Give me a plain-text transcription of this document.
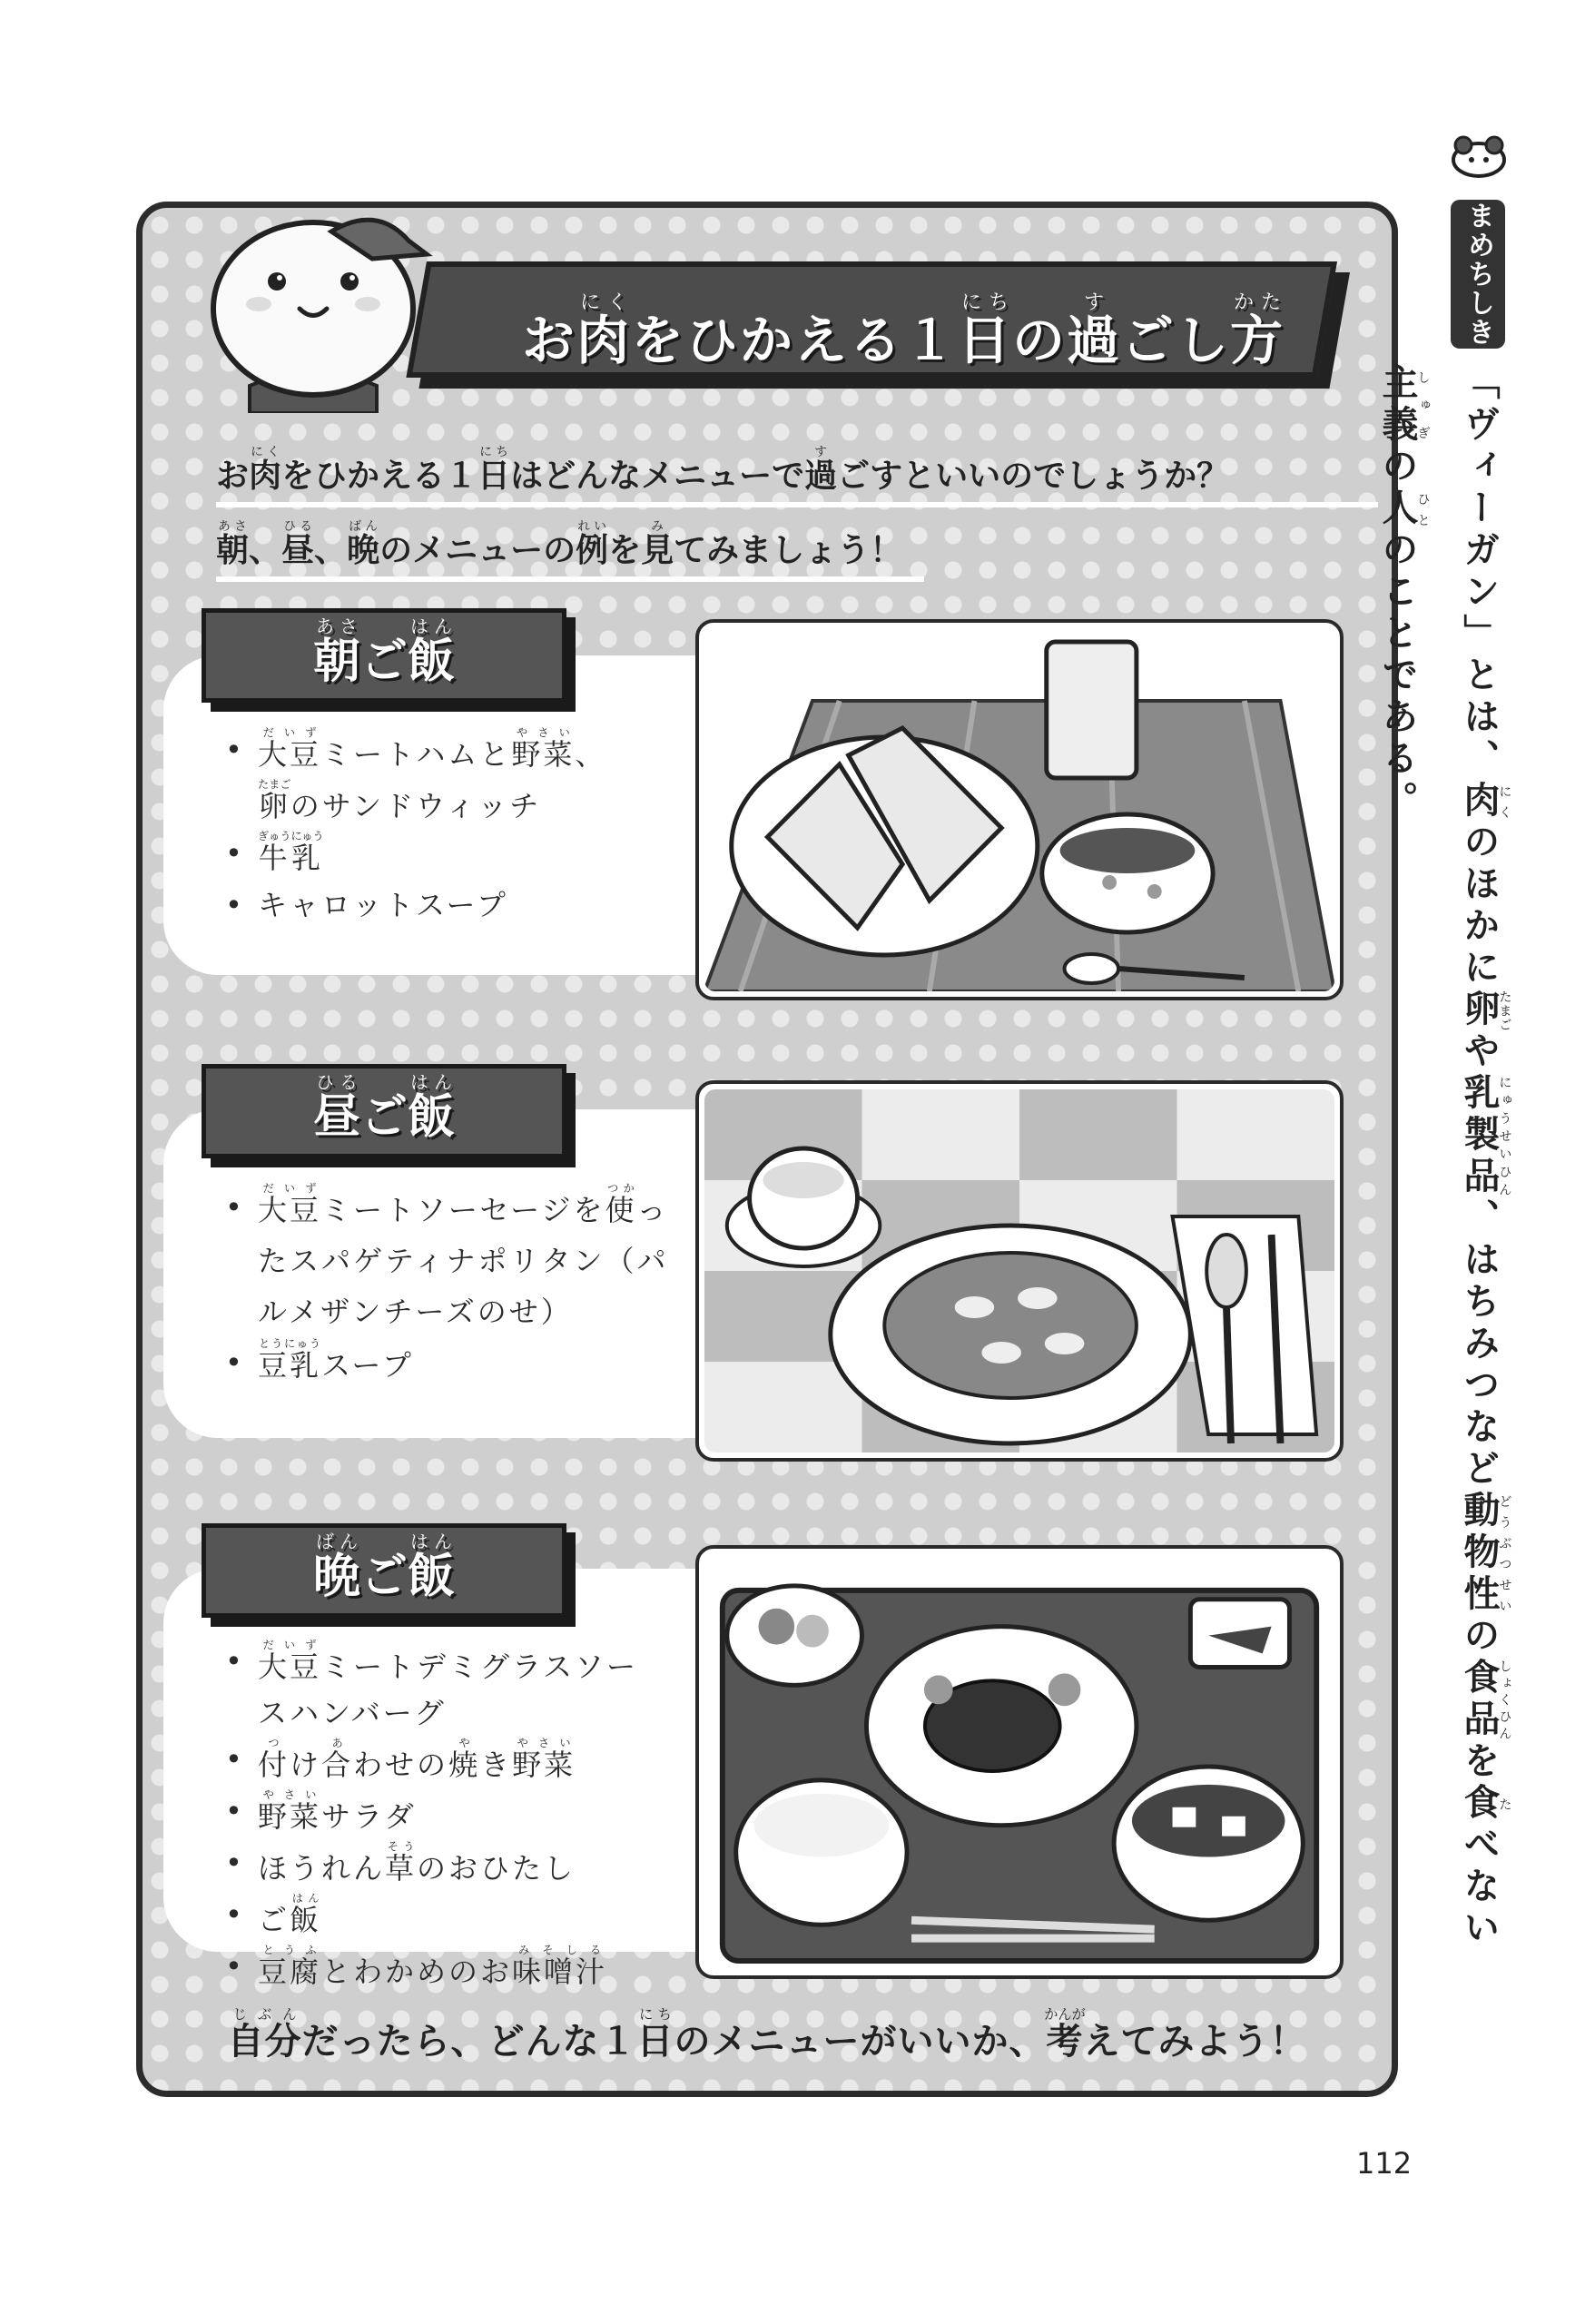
お 肉にく
をひかえる１ 日にち
の 過す
ごし 方かた
お肉にくをひかえる１日にちはどんなメニューで過すごすといいのでしょうか？
朝あさ、昼ひる、晩ばんのメニューの例れいを見みてみましょう！
朝あさ
ご 飯はん
• 大豆だいずミートハムと野菜やさい、
卵たまごのサンドウィッチ
• 牛乳ぎゅうにゅう
• キャロットスープ
昼ひる
ご 飯はん
• 大豆だいずミートソーセージを使つかっ
たスパゲティナポリタン（パ
ルメザンチーズのせ）
• 豆乳とうにゅうスープ
晩ばん
ご 飯はん
• 大豆だいずミートデミグラスソー
スハンバーグ
• 付つけ合あわせの焼やき野菜やさい
• 野菜やさいサラダ
• ほうれん草そうのおひたし
• ご飯はん
• 豆腐とうふとわかめのお味噌汁みそしる
自分じぶんだったら、どんな１日にちのメニューがいいか、考かんがえてみよう！
まめちしき
「ヴィーガン」とは、肉にくのほかに卵たまごや乳製品にゅうせいひん、はちみつなど動物性どうぶつせいの食品しょくひんを食たべない主義しゅぎの人ひとのことである。
112
